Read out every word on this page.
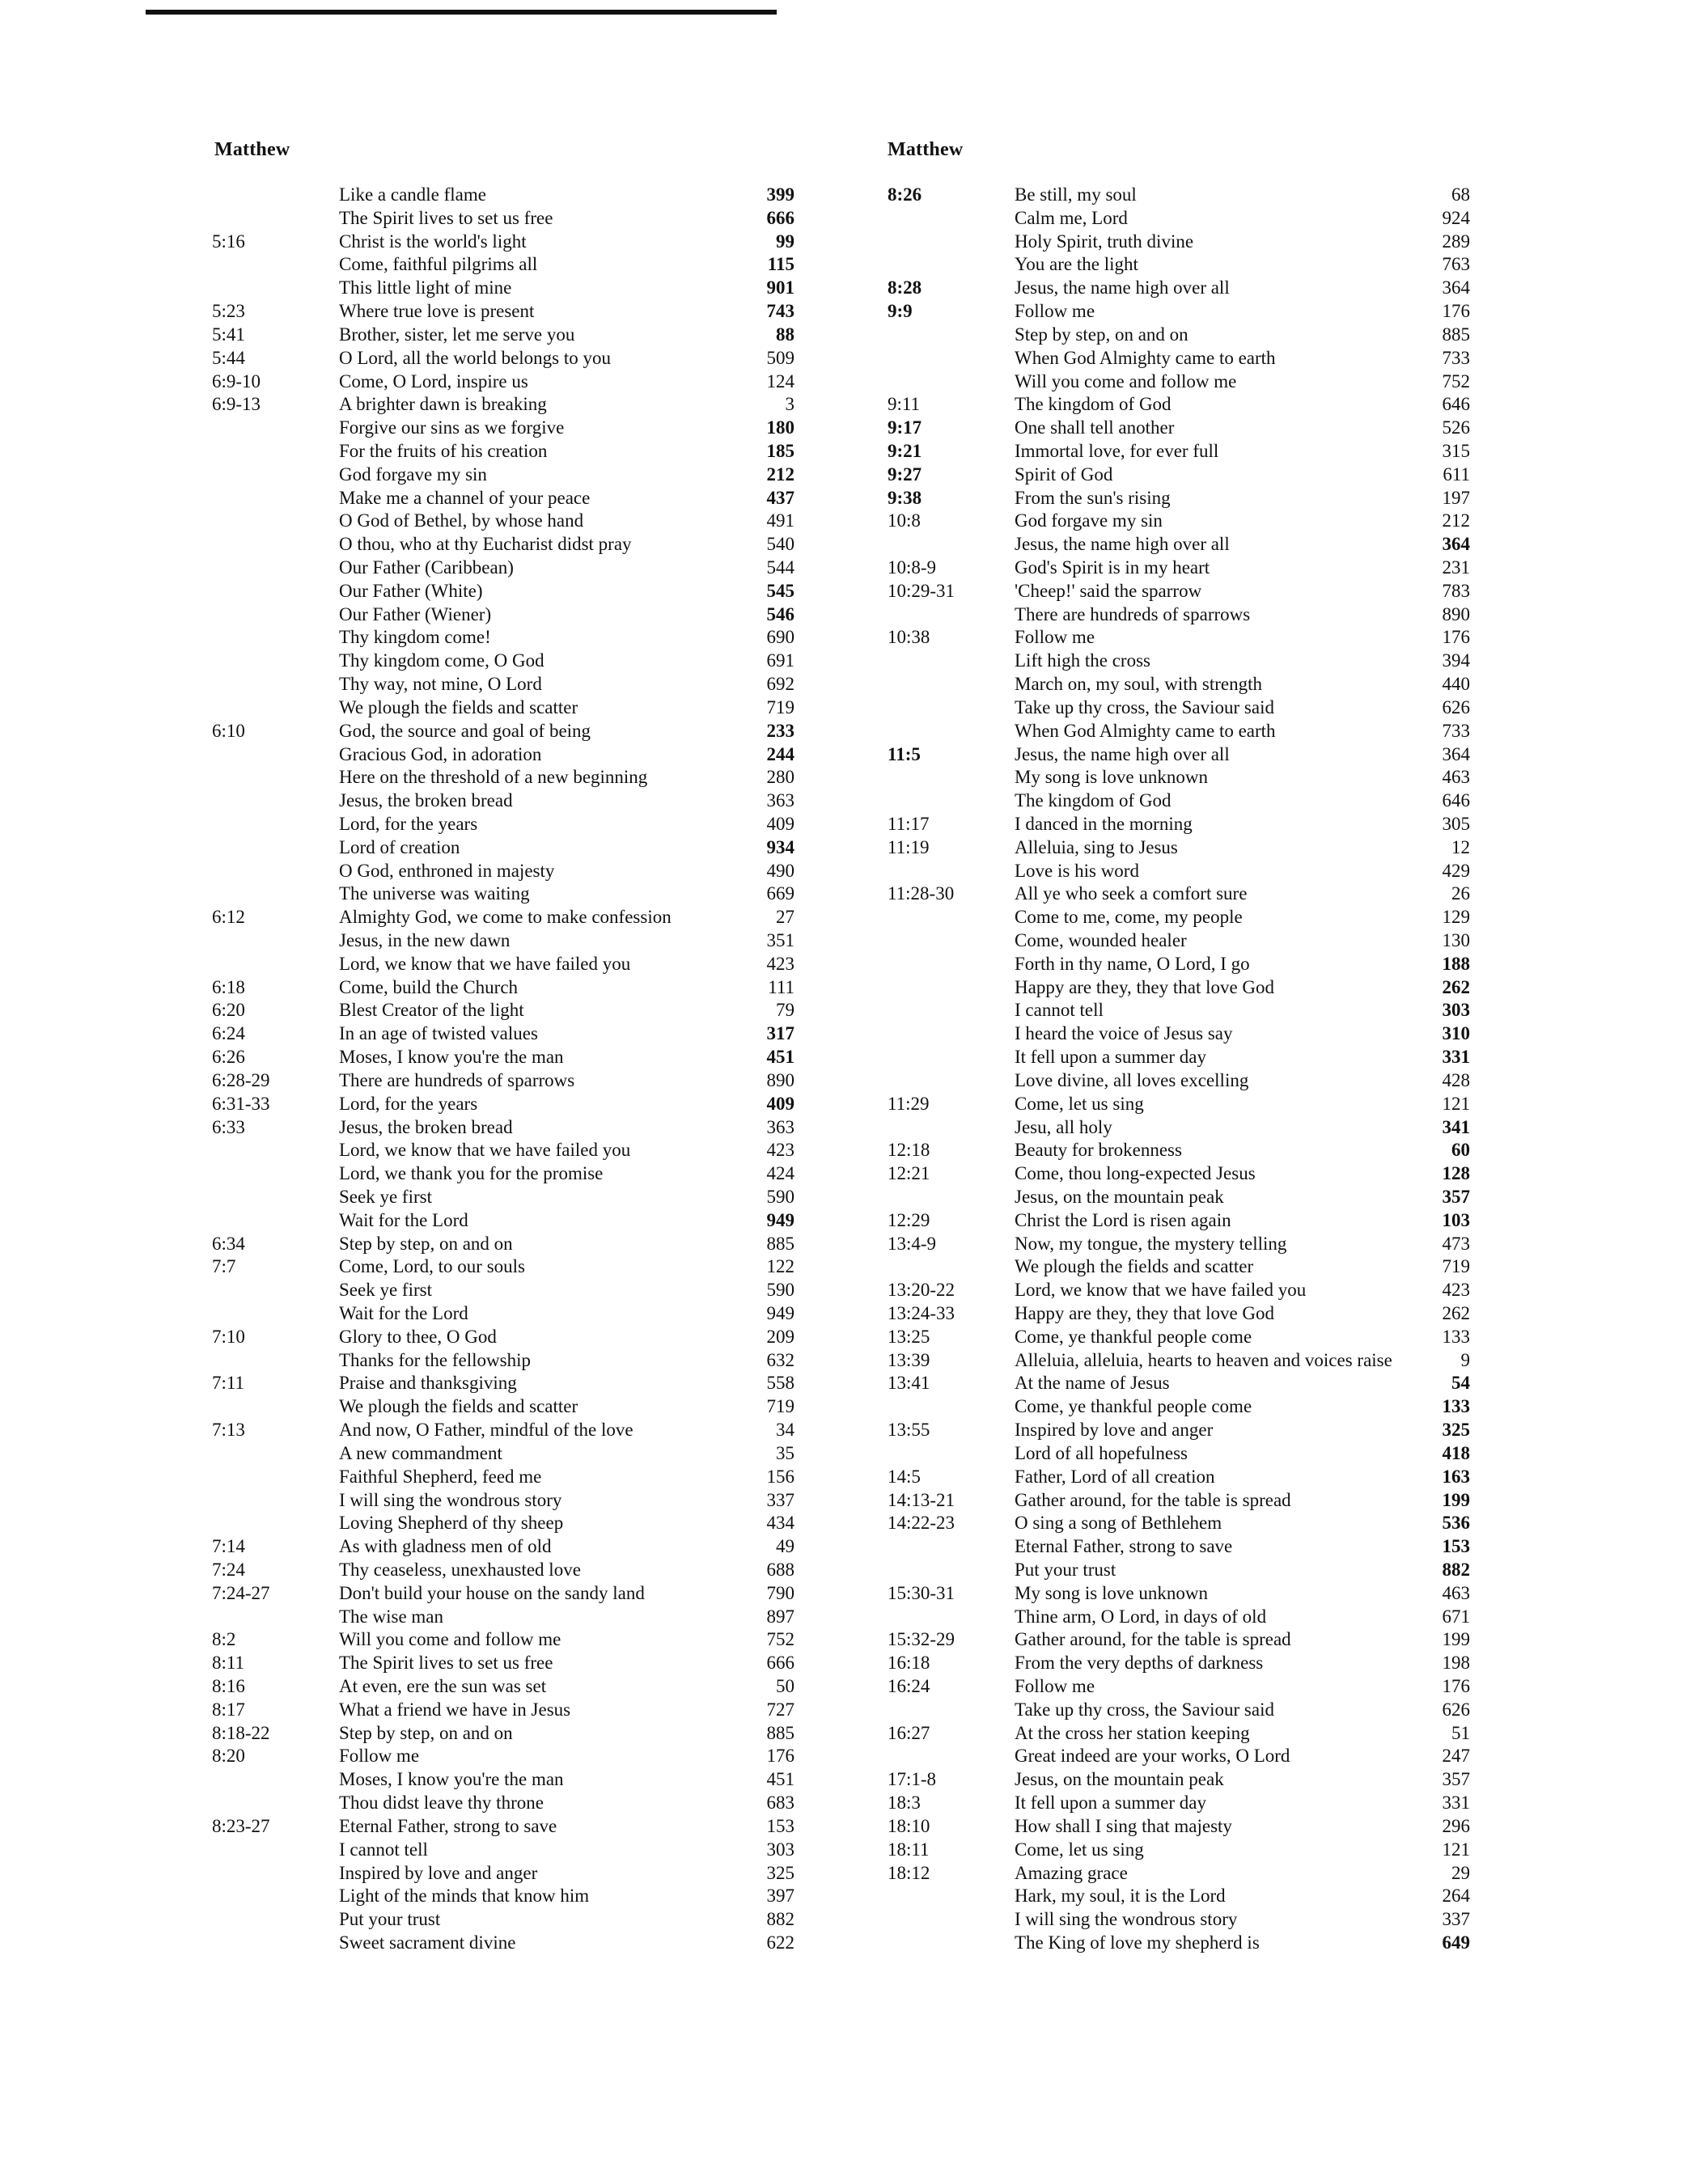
Matthew	Matthew
Like a candle flame	399
The Spirit lives to set us free	666
5:16	Christ is the world's light	99
Come, faithful pilgrims all	115
This little light of mine	901
5:23	Where true love is present	743
5:41	Brother, sister, let me serve you	88
5:44	O Lord, all the world belongs to you	509
6:9-10	Come, O Lord, inspire us	124
6:9-13	A brighter dawn is breaking	3
Forgive our sins as we forgive	180
For the fruits of his creation	185
God forgave my sin	212
Make me a channel of your peace	437
O God of Bethel, by whose hand	491
O thou, who at thy Eucharist didst pray	540
Our Father (Caribbean)	544
Our Father (White)	545
Our Father (Wiener)	546
Thy kingdom come!	690
Thy kingdom come, O God	691
Thy way, not mine, O Lord	692
We plough the fields and scatter	719
6:10	God, the source and goal of being	233
Gracious God, in adoration	244
Here on the threshold of a new beginning	280
Jesus, the broken bread	363
Lord, for the years	409
Lord of creation	934
O God, enthroned in majesty	490
The universe was waiting	669
6:12	Almighty God, we come to make confession	27
Jesus, in the new dawn	351
Lord, we know that we have failed you	423
6:18	Come, build the Church	111
6:20	Blest Creator of the light	79
6:24	In an age of twisted values	317
6:26	Moses, I know you're the man	451
6:28-29	There are hundreds of sparrows	890
6:31-33	Lord, for the years	409
6:33	Jesus, the broken bread	363
Lord, we know that we have failed you	423
Lord, we thank you for the promise	424
Seek ye first	590
Wait for the Lord	949
6:34	Step by step, on and on	885
7:7	Come, Lord, to our souls	122
Seek ye first	590
Wait for the Lord	949
7:10	Glory to thee, O God	209
Thanks for the fellowship	632
7:11	Praise and thanksgiving	558
We plough the fields and scatter	719
7:13	And now, O Father, mindful of the love	34
A new commandment	35
Faithful Shepherd, feed me	156
I will sing the wondrous story	337
Loving Shepherd of thy sheep	434
7:14	As with gladness men of old	49
7:24	Thy ceaseless, unexhausted love	688
7:24-27	Don't build your house on the sandy land	790
The wise man	897
8:2	Will you come and follow me	752
8:11	The Spirit lives to set us free	666
8:16	At even, ere the sun was set	50
8:17	What a friend we have in Jesus	727
8:18-22	Step by step, on and on	885
8:20	Follow me	176
Moses, I know you're the man	451
Thou didst leave thy throne	683
8:23-27	Eternal Father, strong to save	153
I cannot tell	303
Inspired by love and anger	325
Light of the minds that know him	397
Put your trust	882
Sweet sacrament divine	622
8:26	Be still, my soul	68
Calm me, Lord	924
Holy Spirit, truth divine	289
You are the light	763
8:28	Jesus, the name high over all	364
9:9	Follow me	176
Step by step, on and on	885
When God Almighty came to earth	733
Will you come and follow me	752
9:11	The kingdom of God	646
9:17	One shall tell another	526
9:21	Immortal love, for ever full	315
9:27	Spirit of God	611
9:38	From the sun's rising	197
10:8	God forgave my sin	212
Jesus, the name high over all	364
10:8-9	God's Spirit is in my heart	231
10:29-31	'Cheep!' said the sparrow	783
There are hundreds of sparrows	890
10:38	Follow me	176
Lift high the cross	394
March on, my soul, with strength	440
Take up thy cross, the Saviour said	626
When God Almighty came to earth	733
11:5	Jesus, the name high over all	364
My song is love unknown	463
The kingdom of God	646
11:17	I danced in the morning	305
11:19	Alleluia, sing to Jesus	12
Love is his word	429
11:28-30	All ye who seek a comfort sure	26
Come to me, come, my people	129
Come, wounded healer	130
Forth in thy name, O Lord, I go	188
Happy are they, they that love God	262
I cannot tell	303
I heard the voice of Jesus say	310
It fell upon a summer day	331
Love divine, all loves excelling	428
11:29	Come, let us sing	121
Jesu, all holy	341
12:18	Beauty for brokenness	60
12:21	Come, thou long-expected Jesus	128
Jesus, on the mountain peak	357
12:29	Christ the Lord is risen again	103
13:4-9	Now, my tongue, the mystery telling	473
We plough the fields and scatter	719
13:20-22	Lord, we know that we have failed you	423
13:24-33	Happy are they, they that love God	262
13:25	Come, ye thankful people come	133
13:39	Alleluia, alleluia, hearts to heaven and voices raise	9
13:41	At the name of Jesus	54
Come, ye thankful people come	133
13:55	Inspired by love and anger	325
Lord of all hopefulness	418
14:5	Father, Lord of all creation	163
14:13-21	Gather around, for the table is spread	199
14:22-23	O sing a song of Bethlehem	536
Eternal Father, strong to save	153
Put your trust	882
15:30-31	My song is love unknown	463
Thine arm, O Lord, in days of old	671
15:32-29	Gather around, for the table is spread	199
16:18	From the very depths of darkness	198
16:24	Follow me	176
Take up thy cross, the Saviour said	626
16:27	At the cross her station keeping	51
Great indeed are your works, O Lord	247
17:1-8	Jesus, on the mountain peak	357
18:3	It fell upon a summer day	331
18:10	How shall I sing that majesty	296
18:11	Come, let us sing	121
18:12	Amazing grace	29
Hark, my soul, it is the Lord	264
I will sing the wondrous story	337
The King of love my shepherd is	649
